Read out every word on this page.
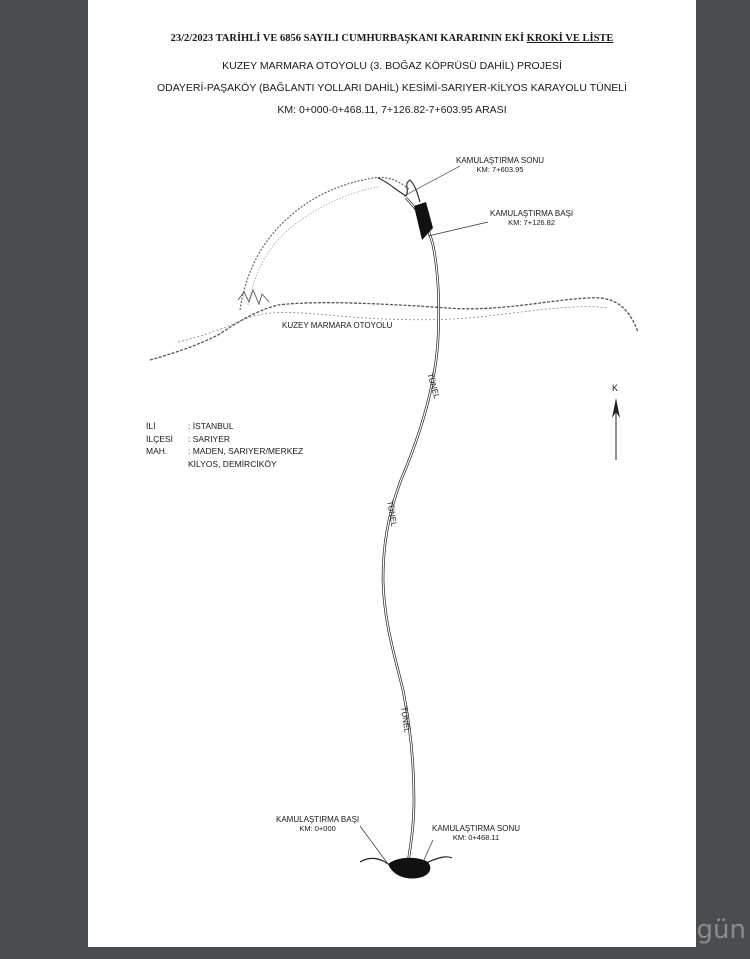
23/2/2023 TARİHLİ VE 6856 SAYILI CUMHURBAŞKANI KARARININ EKİ KROKİ VE LİSTE
KUZEY MARMARA OTOYOLU (3. BOĞAZ KÖPRÜSÜ DAHİL) PROJESİ
ODAYERİ-PAŞAKÖY (BAĞLANTI YOLLARI DAHİL) KESİMİ-SARIYER-KİLYOS KARAYOLU TÜNELİ
KM: 0+000-0+468.11, 7+126.82-7+603.95 ARASI
KAMULAŞTIRMA SONU
KM: 7+603.95
KAMULAŞTIRMA BAŞI
KM: 7+126.82
KAMULAŞTIRMA BAŞI
KM: 0+000	KAMULAŞTIRMA SONU
KM: 0+468.11
KUZEY MARMARA OTOYOLU
TÜNEL
TÜNEL
TÜNEL
K
İLİ	: İSTANBUL
İLÇESİ	: SARIYER
MAH.	: MADEN, SARIYER/MERKEZ
KİLYOS, DEMİRCİKÖY
gün
